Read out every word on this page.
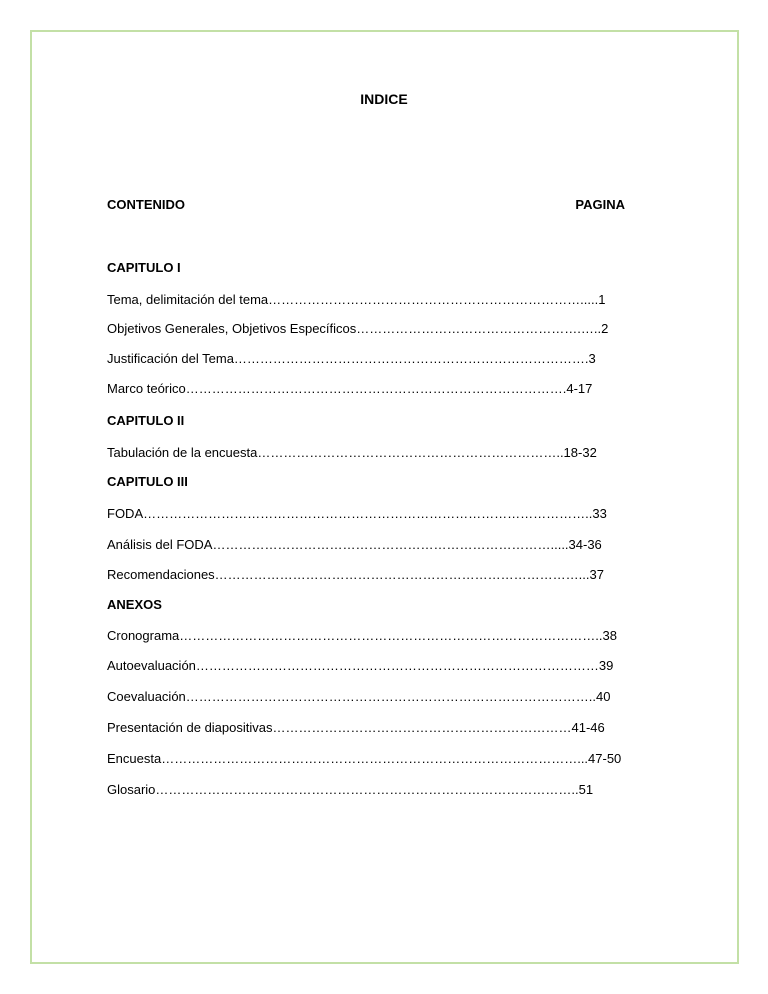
INDICE
CONTENIDO	PAGINA
CAPITULO I
Tema, delimitación del tema……………………………………………………………….....1
Objetivos Generales, Objetivos Específicos…………………………………………….…..2
Justificación del Tema……………………………………………………………………….3
Marco teórico…………………………………………………………………………….4-17
CAPITULO II
Tabulación de la encuesta……………………………………………………………..18-32
CAPITULO III
FODA…………………………………………………………………………………………..33
Análisis del FODA…………………………………………………………………….....34-36
Recomendaciones…………………………………………………………………………...37
ANEXOS
Cronograma……………………………………………………………………………………..38
Autoevaluación…………………………………………………………………………………39
Coevaluación…………………………………………………………………………………..40
Presentación de diapositivas……………………………………………………………41-46
Encuesta……………………………………………………………………………………...47-50
Glosario……………………………………………………………………………………..51
